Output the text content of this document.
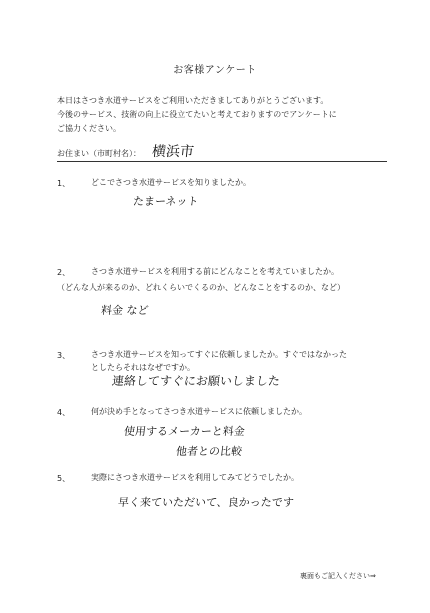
お客様アンケート
本日はさつき水道サービスをご利用いただきましてありがとうございます。
今後のサービス、技術の向上に役立てたいと考えておりますのでアンケートに
ご協力ください。
お住まい（市町村名）： 横浜市
1、	どこでさつき水道サービスを知りましたか。
たまーネット
2、	さつき水道サービスを利用する前にどんなことを考えていましたか。
（どんな人が来るのか、どれくらいでくるのか、どんなことをするのか、など）
料金 など
3、	さつき水道サービスを知ってすぐに依頼しましたか。すぐではなかった
としたらそれはなぜですか。
連絡してすぐにお願いしました
4、	何が決め手となってさつき水道サービスに依頼しましたか。
使用するメーカーと料金
他者との比較
5、	実際にさつき水道サービスを利用してみてどうでしたか。
早く来ていただいて、良かったです
裏面もご記入ください⇒
